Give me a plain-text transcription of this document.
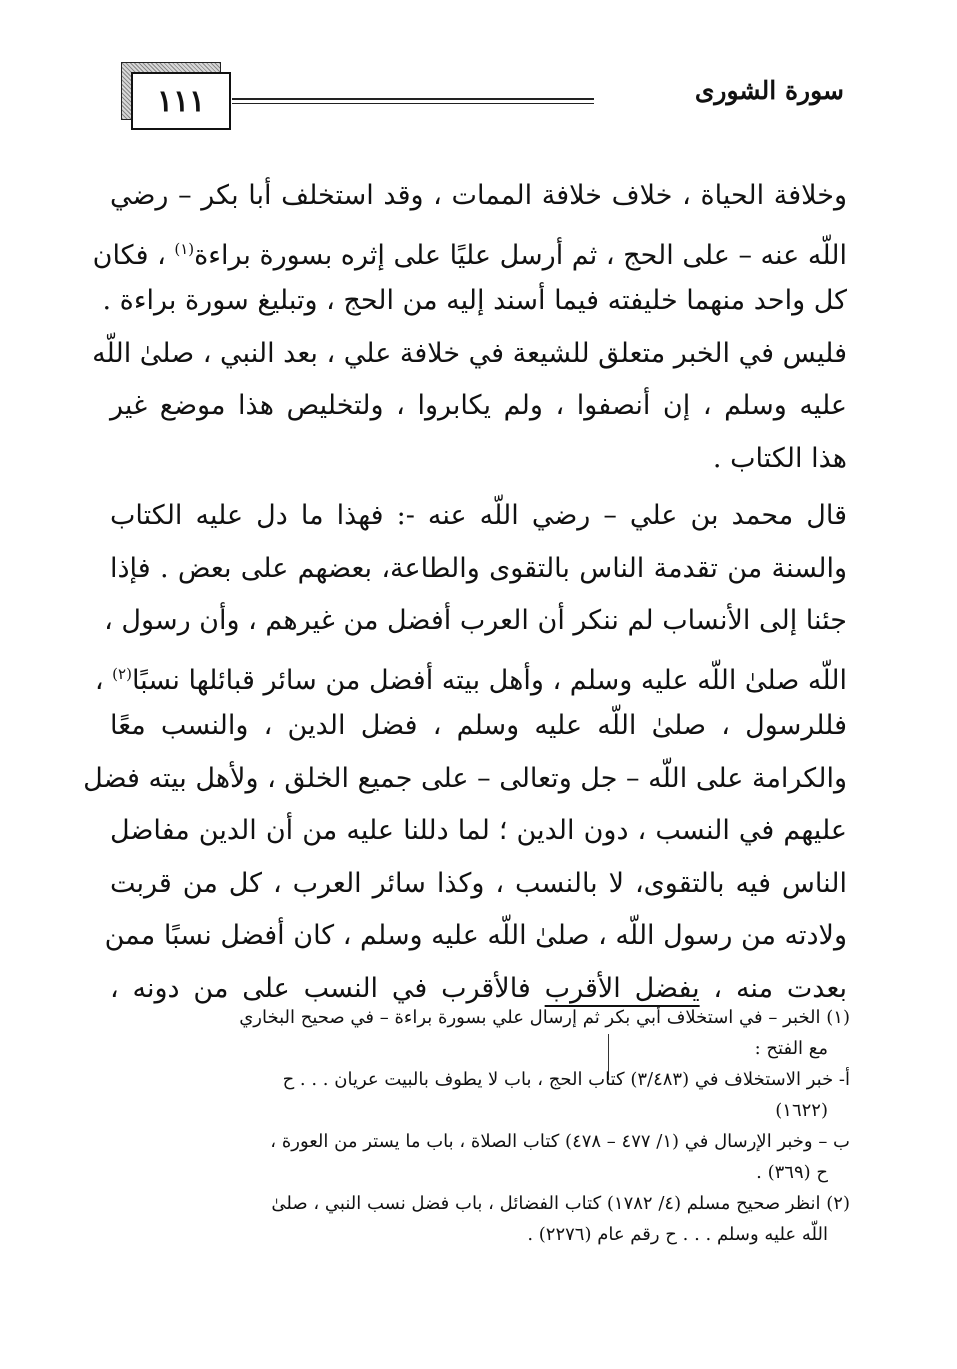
١١١	سورة الشورى
وخلافة الحياة ، خلاف خلافة الممات ، وقد استخلف أبا بكر – رضي
اللّه عنه – على الحج ، ثم أرسل عليًا على إثره بسورة براءة$^{(١)}$ ، فكان
كل واحد منهما خليفته فيما أسند إليه من الحج ، وتبليغ سورة براءة .
فليس في الخبر متعلق للشيعة في خلافة علي ، بعد النبي ، صلىٰ اللّه
عليه وسلم ، إن أنصفوا ، ولم يكابروا ، ولتخليص هذا موضع غير
هذا الكتاب .
قال محمد بن علي – رضي اللّه عنه -: فهذا ما دل عليه الكتاب
والسنة من تقدمة الناس بالتقوى والطاعة، بعضهم على بعض . فإذا
جئنا إلى الأنساب لم ننكر أن العرب أفضل من غيرهم ، وأن رسول ،
اللّه صلىٰ اللّه عليه وسلم ، وأهل بيته أفضل من سائر قبائلها نسبًا$^{(٢)}$ ،
فللرسول ، صلىٰ اللّه عليه وسلم ، فضل الدين ، والنسب معًا
والكرامة على اللّه – جل وتعالى – على جميع الخلق ، ولأهل بيته فضل
عليهم في النسب ، دون الدين ؛ لما دللنا عليه من أن الدين مفاضل
الناس فيه بالتقوى، لا بالنسب ، وكذا سائر العرب ، كل من قربت
ولادته من رسول اللّه ، صلىٰ اللّه عليه وسلم ، كان أفضل نسبًا ممن
بعدت منه ، يفضل الأقرب فالأقرب في النسب على من دونه ،
(١) الخبر – في استخلاف أبي بكر ثم إرسال علي بسورة براءة – في صحيح البخاري
مع الفتح :
أ- خبر الاستخلاف في (٣/٤٨٣) كتاب الحج ، باب لا يطوف بالبيت عريان . . . ح
(١٦٢٢)
ب – وخبر الإرسال في (١/ ٤٧٧ – ٤٧٨) كتاب الصلاة ، باب ما يستر من العورة ،
ح (٣٦٩) .
(٢) انظر صحيح مسلم (٤/ ١٧٨٢) كتاب الفضائل ، باب فضل نسب النبي ، صلىٰ
اللّه عليه وسلم . . . ح رقم عام (٢٢٧٦) .
